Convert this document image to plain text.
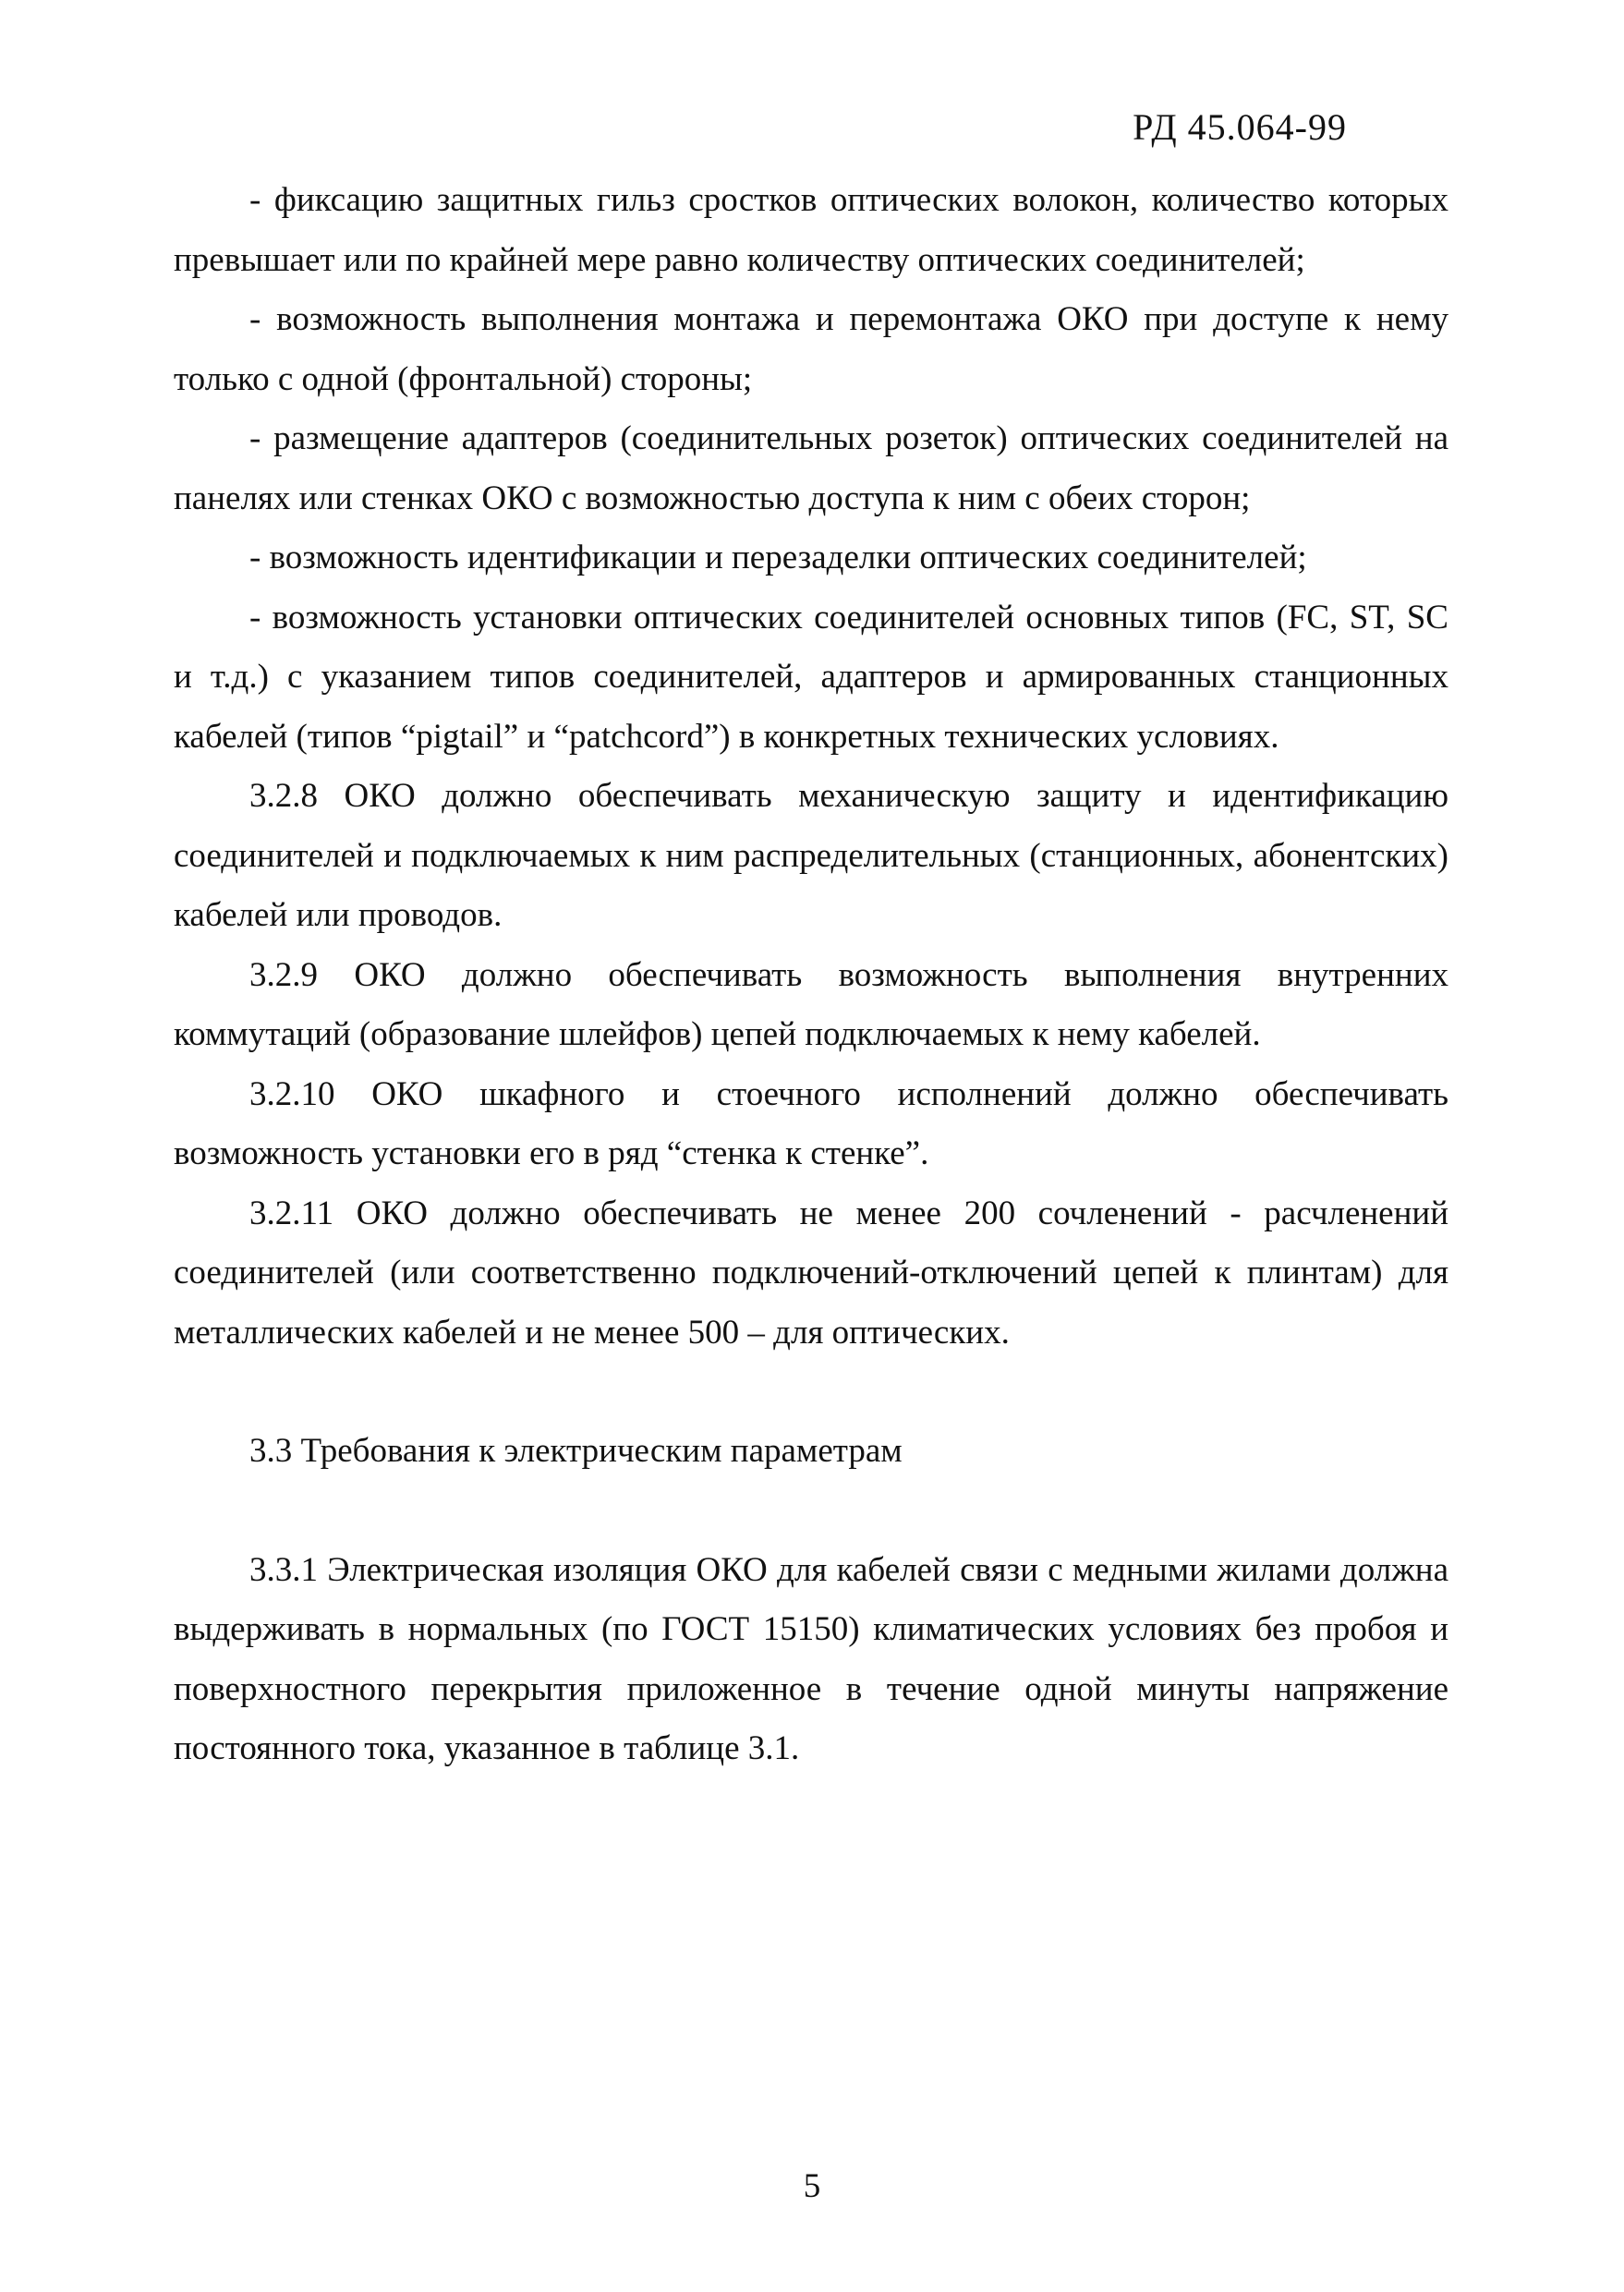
РД 45.064-99

- фиксацию защитных гильз сростков оптических волокон, количество которых превышает или по крайней мере равно количеству оптических соединителей;

- возможность выполнения монтажа и перемонтажа ОКО при доступе к нему только с одной (фронтальной) стороны;

- размещение адаптеров (соединительных розеток) оптических соединителей на панелях или стенках ОКО с возможностью доступа к ним с обеих сторон;

- возможность идентификации и перезаделки оптических соединителей;

- возможность установки оптических соединителей основных типов (FC, ST, SC и т.д.) с указанием типов соединителей, адаптеров и армированных станционных кабелей (типов “pigtail” и “patchcord”) в конкретных технических условиях.

3.2.8 ОКО должно обеспечивать механическую защиту и идентификацию соединителей и подключаемых к ним распределительных (станционных, абонентских) кабелей или проводов.

3.2.9 ОКО должно обеспечивать возможность выполнения внутренних коммутаций (образование шлейфов) цепей подключаемых к нему кабелей.

3.2.10 ОКО шкафного и стоечного исполнений должно обеспечивать возможность установки его в ряд “стенка к стенке”.

3.2.11 ОКО должно обеспечивать не менее 200 сочленений - расчленений соединителей (или соответственно подключений-отключений цепей к плинтам) для металлических кабелей и не менее 500 – для оптических.

3.3 Требования к электрическим параметрам

3.3.1 Электрическая изоляция ОКО для кабелей связи с медными жилами должна выдерживать в нормальных (по ГОСТ 15150) климатических условиях без пробоя и поверхностного перекрытия приложенное в течение одной минуты напряжение постоянного тока, указанное в таблице 3.1.

5
